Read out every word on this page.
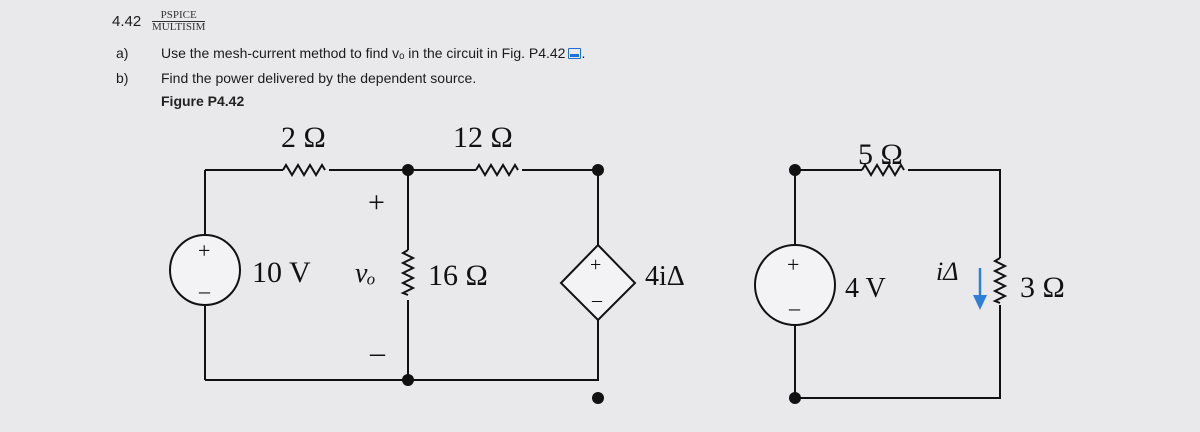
4.42	PSPICE
MULTISIM
a) Use the mesh-current method to find vₒ in the circuit in Fig. P4.42 .
b) Find the power delivered by the dependent source.
Figure P4.42
+
–
+
–
+
–
2 Ω	12 Ω
5 Ω
+
–
10 V vₒ 16 Ω	4iΔ	4 V
iΔ 3 Ω
